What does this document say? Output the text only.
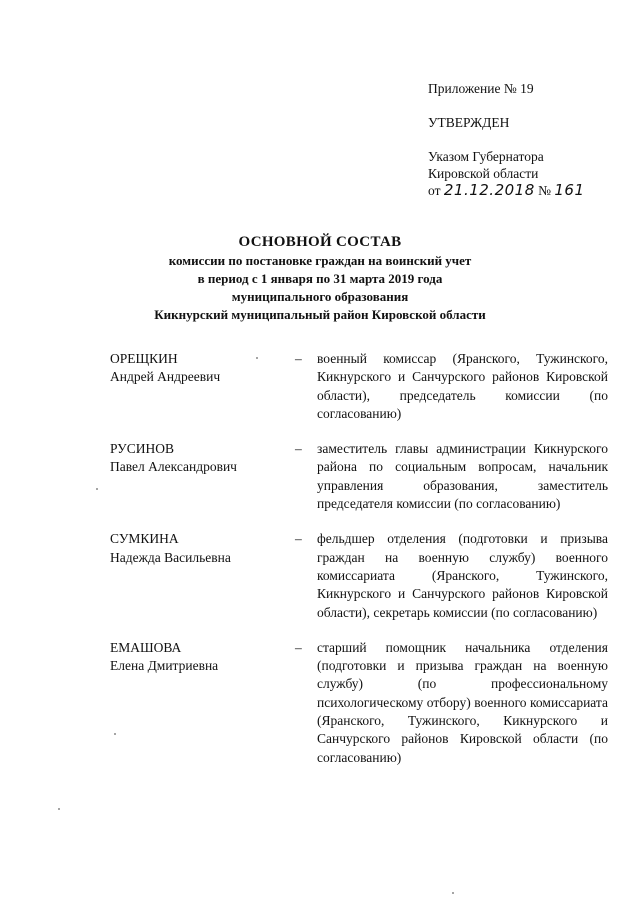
Приложение № 19
УТВЕРЖДЕН
Указом Губернатора
Кировской области
от 21.12.2018 № 161
ОСНОВНОЙ СОСТАВ
комиссии по постановке граждан на воинский учет
в период с 1 января по 31 марта 2019 года
муниципального образования
Кикнурский муниципальный район Кировской области
ОРЕЩКИН
Андрей Андреевич
–	военный комиссар (Яранского, Тужинского, Кикнурского и Санчурского районов Кировской области), председатель комиссии (по согласованию)
РУСИНОВ
Павел Александрович
–	заместитель главы администрации Кикнурского района по социальным вопросам, начальник управления образования, заместитель председателя комиссии (по согласованию)
СУМКИНА
Надежда Васильевна
–	фельдшер отделения (подготовки и призыва граждан на военную службу) военного комиссариата (Яранского, Тужинского, Кикнурского и Санчурского районов Кировской области), секретарь комиссии (по согласованию)
ЕМАШОВА
Елена Дмитриевна
–	старший помощник начальника отделения (подготовки и призыва граждан на военную службу) (по профессиональному психологическому отбору) военного комиссариата (Яранского, Тужинского, Кикнурского и Санчурского районов Кировской области (по согласованию)
